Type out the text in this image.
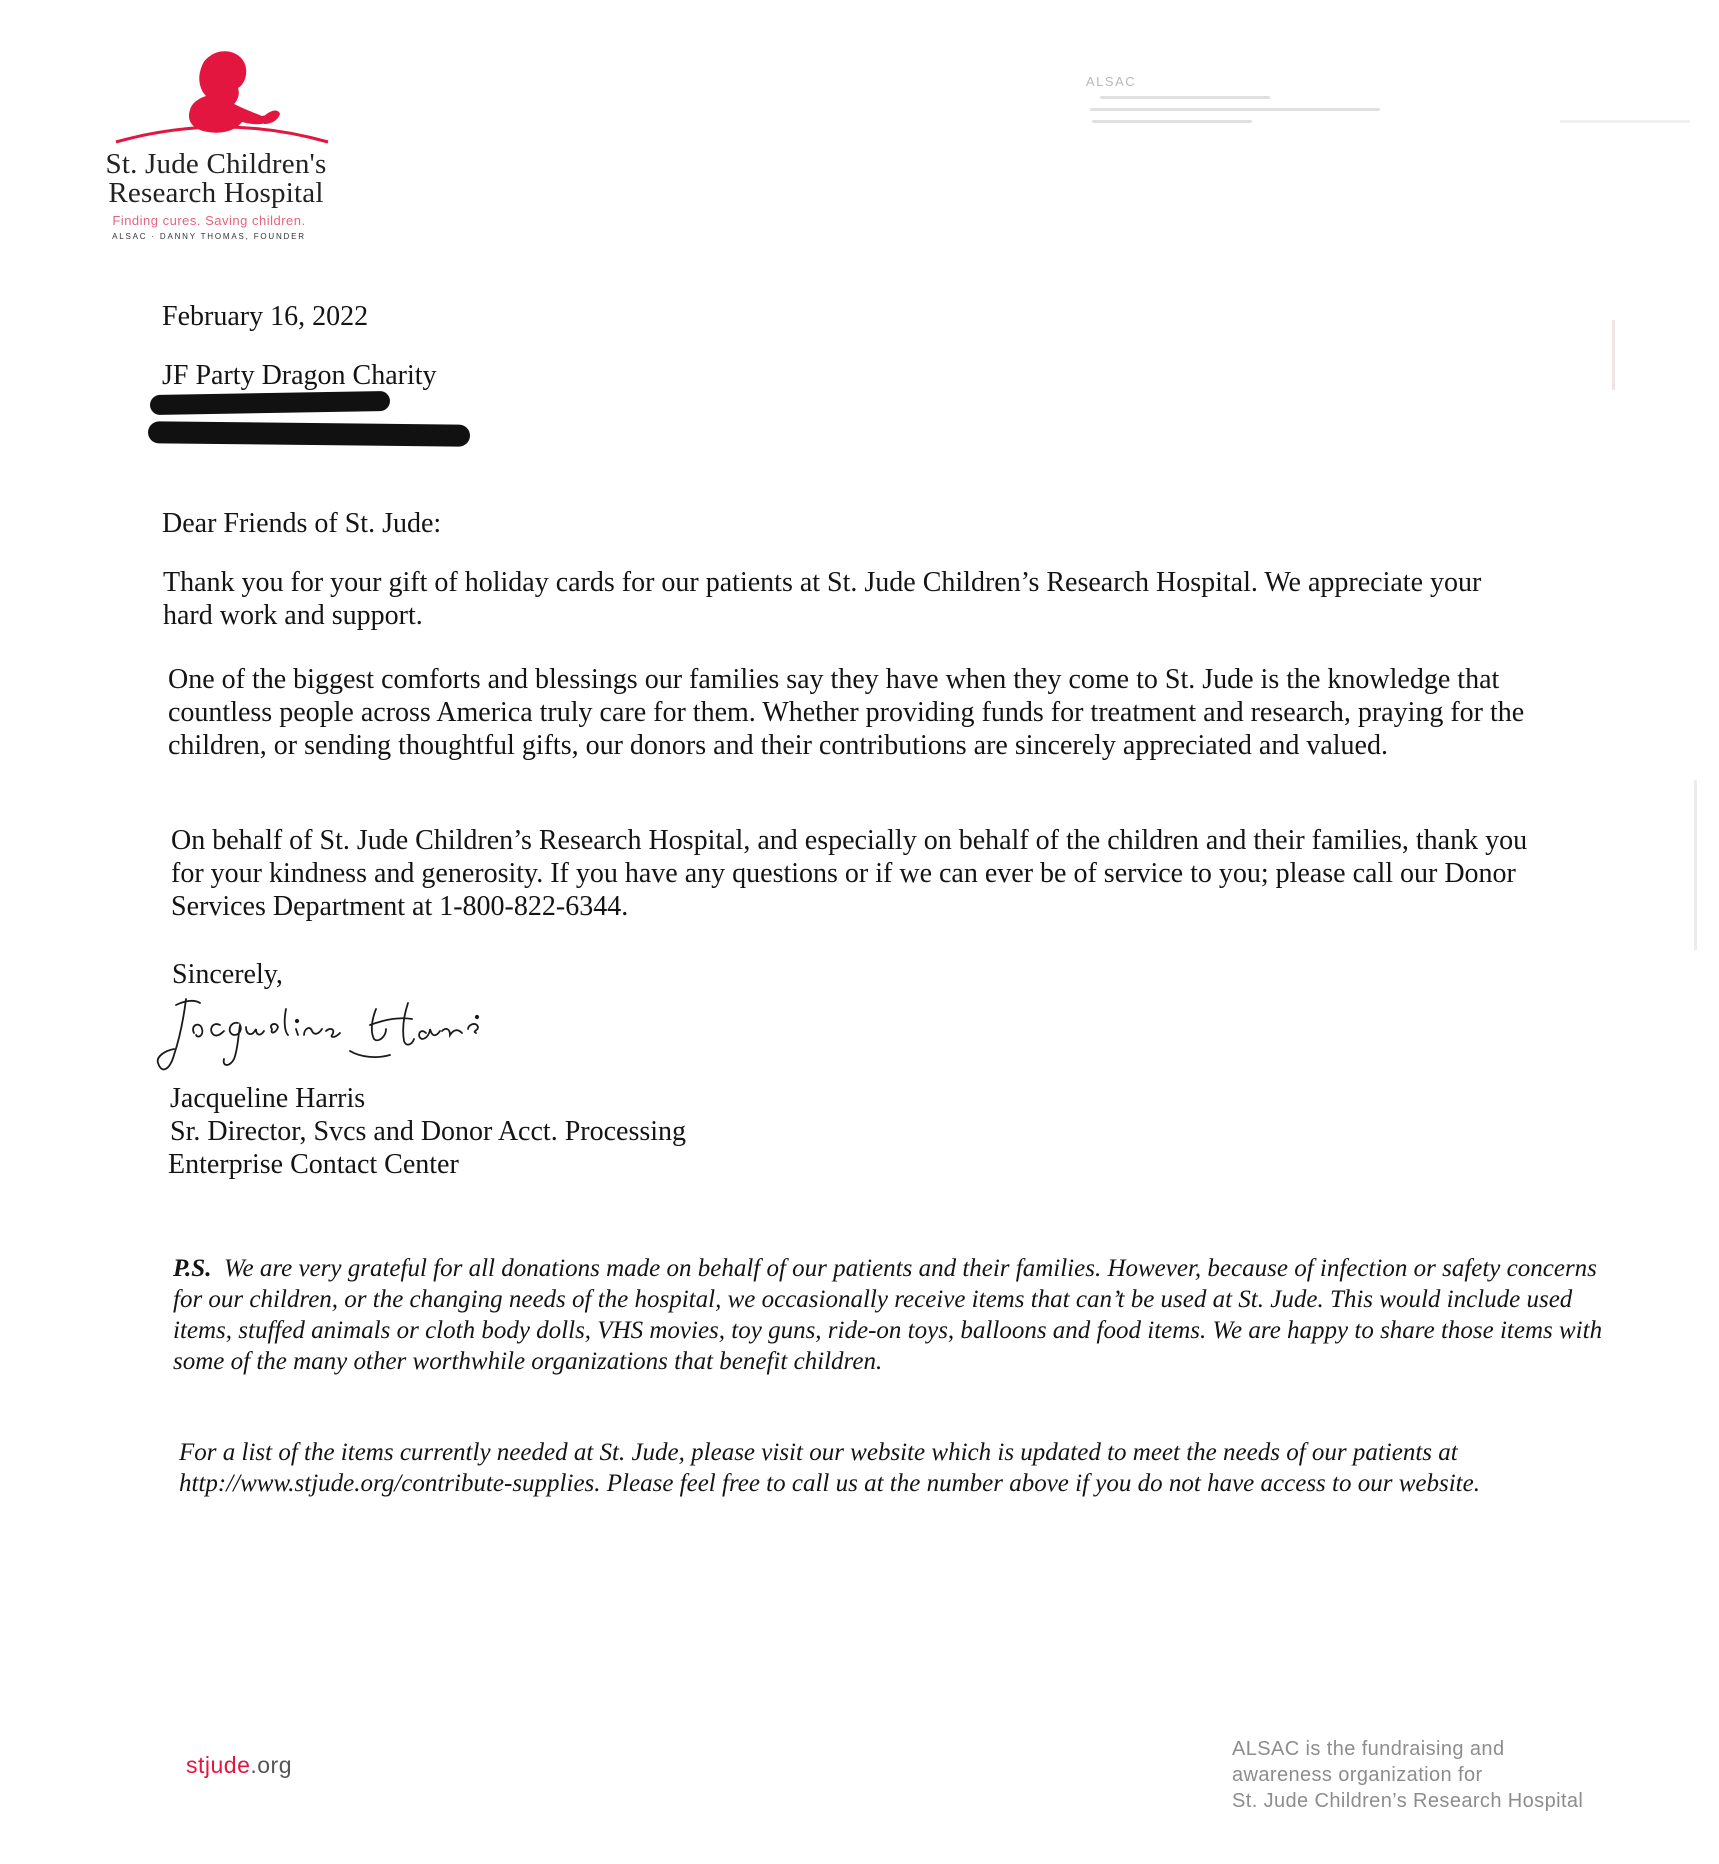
St. Jude Children's
Research Hospital
Finding cures. Saving children.
ALSAC · DANNY THOMAS, FOUNDER
ALSAC
February 16, 2022
JF Party Dragon Charity
Dear Friends of St. Jude:
Thank you for your gift of holiday cards for our patients at St. Jude Children’s Research Hospital. We appreciate your hard work and support.
One of the biggest comforts and blessings our families say they have when they come to St. Jude is the knowledge that countless people across America truly care for them. Whether providing funds for treatment and research, praying for the children, or sending thoughtful gifts, our donors and their contributions are sincerely appreciated and valued.
On behalf of St. Jude Children’s Research Hospital, and especially on behalf of the children and their families, thank you for your kindness and generosity. If you have any questions or if we can ever be of service to you; please call our Donor Services Department at 1-800-822-6344.
Sincerely,
Jacqueline Harris
Sr. Director, Svcs and Donor Acct. Processing
Enterprise Contact Center
P.S. We are very grateful for all donations made on behalf of our patients and their families. However, because of infection or safety concerns for our children, or the changing needs of the hospital, we occasionally receive items that can’t be used at St. Jude. This would include used items, stuffed animals or cloth body dolls, VHS movies, toy guns, ride-on toys, balloons and food items. We are happy to share those items with some of the many other worthwhile organizations that benefit children.
For a list of the items currently needed at St. Jude, please visit our website which is updated to meet the needs of our patients at http://www.stjude.org/contribute-supplies. Please feel free to call us at the number above if you do not have access to our website.
stjude.org
ALSAC is the fundraising and
awareness organization for
St. Jude Children’s Research Hospital
